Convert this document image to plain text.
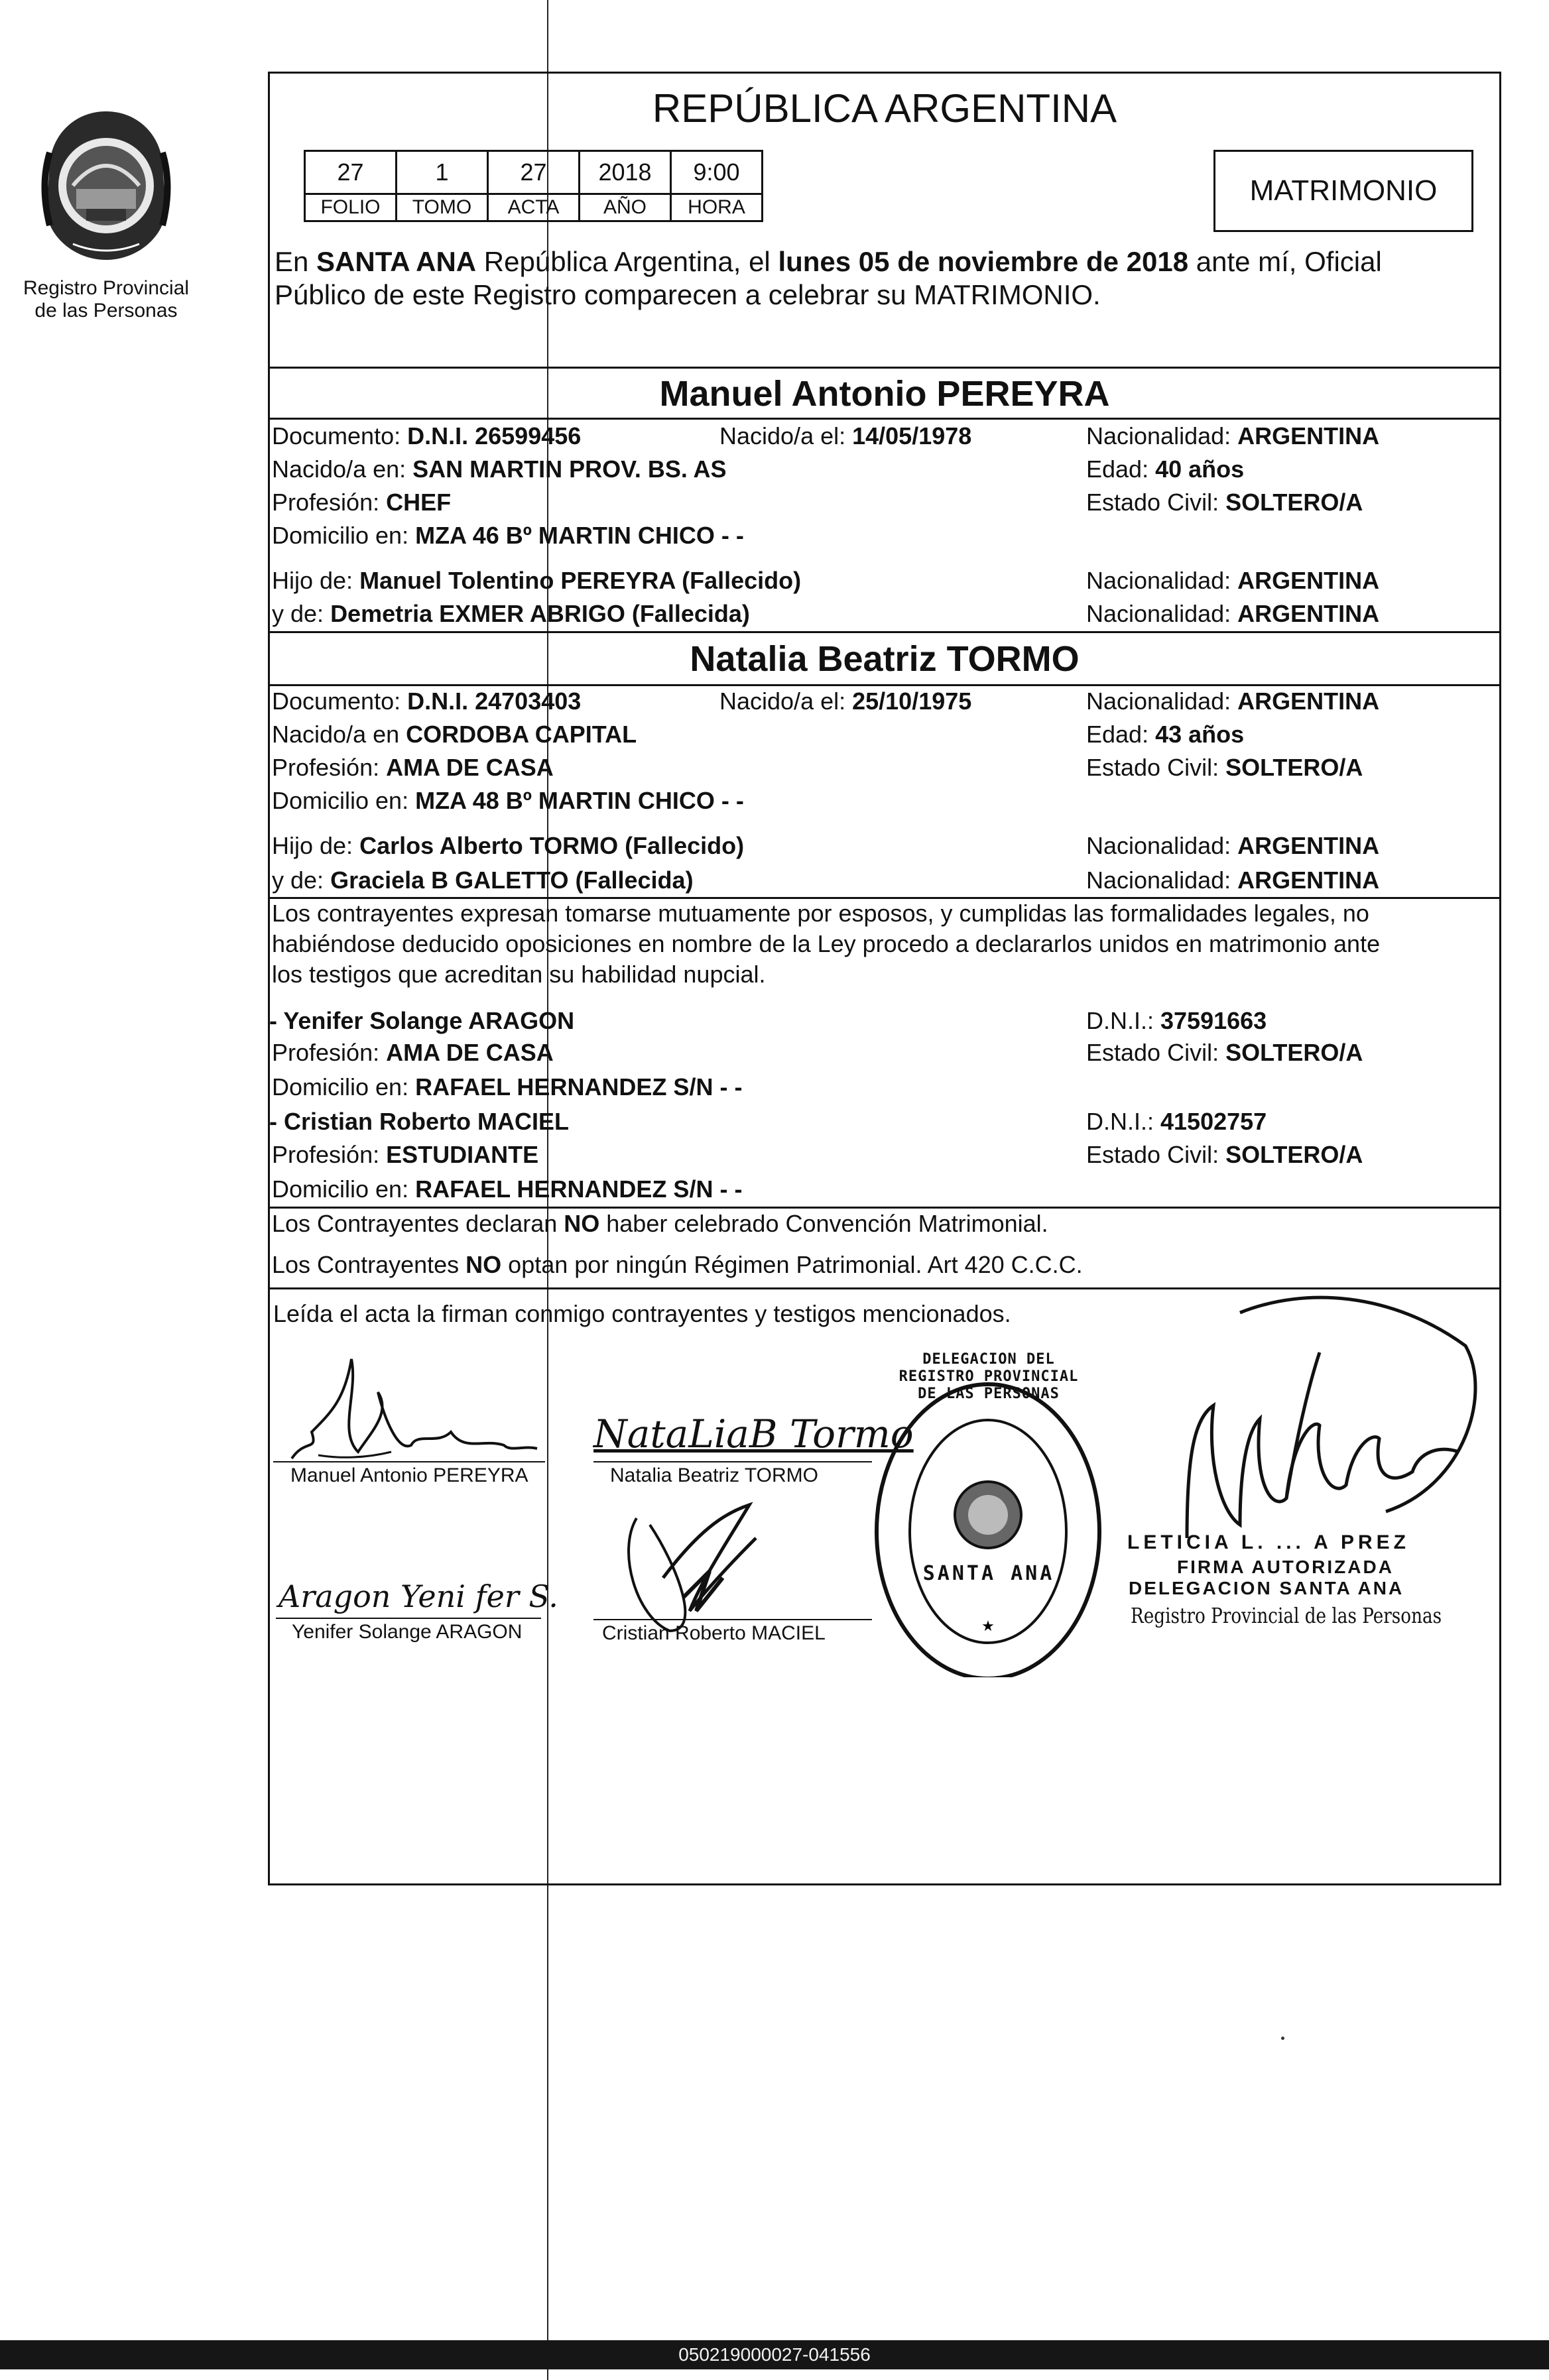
Registro Provincial
de las Personas
REPÚBLICA ARGENTINA
27	1	27	2018	9:00
FOLIO	TOMO	ACTA	AÑO	HORA
MATRIMONIO
En SANTA ANA República Argentina, el lunes 05 de noviembre de 2018 ante mí, Oficial
Público de este Registro comparecen a celebrar su MATRIMONIO.
Manuel Antonio PEREYRA
Documento: D.N.I. 26599456	Nacido/a el: 14/05/1978	Nacionalidad: ARGENTINA
Nacido/a en: SAN MARTIN PROV. BS. AS	Edad: 40 años
Profesión: CHEF	Estado Civil: SOLTERO/A
Domicilio en: MZA 46 Bº MARTIN CHICO - -
Hijo de: Manuel Tolentino PEREYRA (Fallecido)	Nacionalidad: ARGENTINA
y de: Demetria EXMER ABRIGO (Fallecida)	Nacionalidad: ARGENTINA
Natalia Beatriz TORMO
Documento: D.N.I. 24703403	Nacido/a el: 25/10/1975	Nacionalidad: ARGENTINA
Nacido/a en CORDOBA CAPITAL	Edad: 43 años
Profesión: AMA DE CASA	Estado Civil: SOLTERO/A
Domicilio en: MZA 48 Bº MARTIN CHICO - -
Hijo de: Carlos Alberto TORMO (Fallecido)	Nacionalidad: ARGENTINA
y de: Graciela B GALETTO (Fallecida)	Nacionalidad: ARGENTINA
Los contrayentes expresan tomarse mutuamente por esposos, y cumplidas las formalidades legales, no
habiéndose deducido oposiciones en nombre de la Ley procedo a declararlos unidos en matrimonio ante
los testigos que acreditan su habilidad nupcial.
- Yenifer Solange ARAGON	D.N.I.: 37591663
Profesión: AMA DE CASA	Estado Civil: SOLTERO/A
Domicilio en: RAFAEL HERNANDEZ S/N - -
- Cristian Roberto MACIEL	D.N.I.: 41502757
Profesión: ESTUDIANTE	Estado Civil: SOLTERO/A
Domicilio en: RAFAEL HERNANDEZ S/N - -
Los Contrayentes declaran NO haber celebrado Convención Matrimonial.
Los Contrayentes NO optan por ningún Régimen Patrimonial. Art 420 C.C.C.
Leída el acta la firman conmigo contrayentes y testigos mencionados.
Manuel Antonio PEREYRA
NataLiaB Tormo
Natalia Beatriz TORMO
Aragon Yeni fer S.
Yenifer Solange ARAGON	Cristian Roberto MACIEL	★
DELEGACION DEL REGISTRO PROVINCIAL DE LAS PERSONAS
SANTA ANA
LETICIA L. ... A PREZ
FIRMA AUTORIZADA
DELEGACION SANTA ANA
Registro Provincial de las Personas
050219000027-041556
